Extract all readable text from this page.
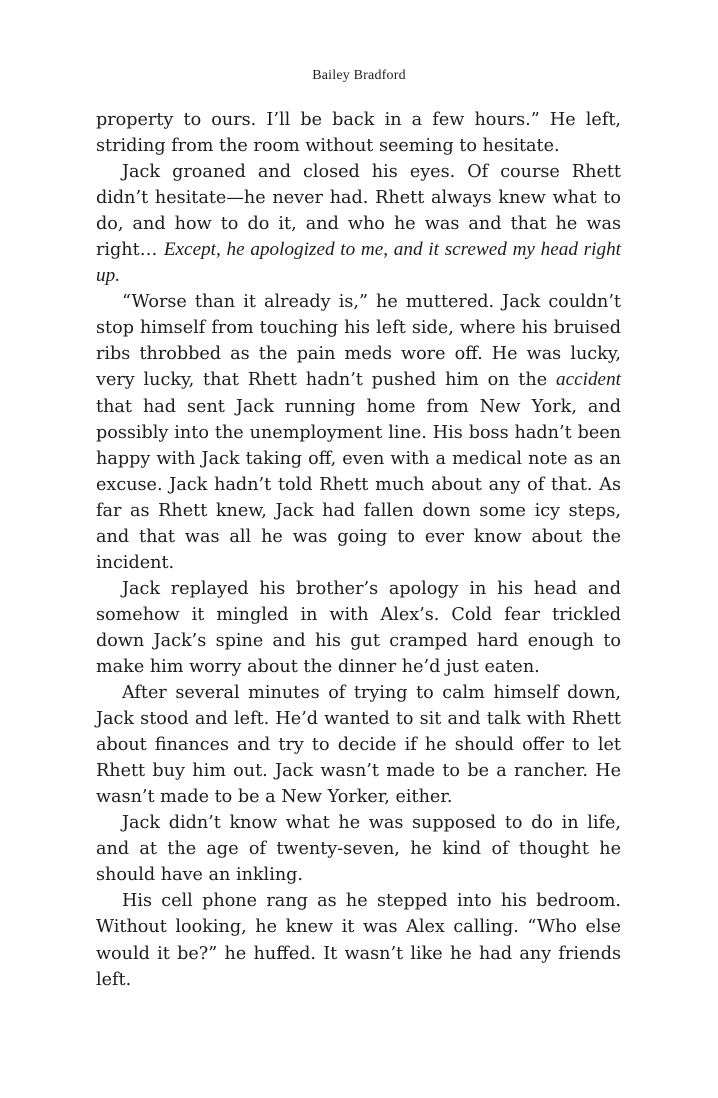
Bailey Bradford

property to ours. I’ll be back in a few hours.” He left, striding from the room without seeming to hesitate.

Jack groaned and closed his eyes. Of course Rhett didn’t hesitate—he never had. Rhett always knew what to do, and how to do it, and who he was and that he was right… Except, he apologized to me, and it screwed my head right up.

“Worse than it already is,” he muttered. Jack couldn’t stop himself from touching his left side, where his bruised ribs throbbed as the pain meds wore off. He was lucky, very lucky, that Rhett hadn’t pushed him on the accident that had sent Jack running home from New York, and possibly into the unemployment line. His boss hadn’t been happy with Jack taking off, even with a medical note as an excuse. Jack hadn’t told Rhett much about any of that. As far as Rhett knew, Jack had fallen down some icy steps, and that was all he was going to ever know about the incident.

Jack replayed his brother’s apology in his head and somehow it mingled in with Alex’s. Cold fear trickled down Jack’s spine and his gut cramped hard enough to make him worry about the dinner he’d just eaten.

After several minutes of trying to calm himself down, Jack stood and left. He’d wanted to sit and talk with Rhett about finances and try to decide if he should offer to let Rhett buy him out. Jack wasn’t made to be a rancher. He wasn’t made to be a New Yorker, either.

Jack didn’t know what he was supposed to do in life, and at the age of twenty-seven, he kind of thought he should have an inkling.

His cell phone rang as he stepped into his bedroom. Without looking, he knew it was Alex calling. “Who else would it be?” he huffed. It wasn’t like he had any friends left.
